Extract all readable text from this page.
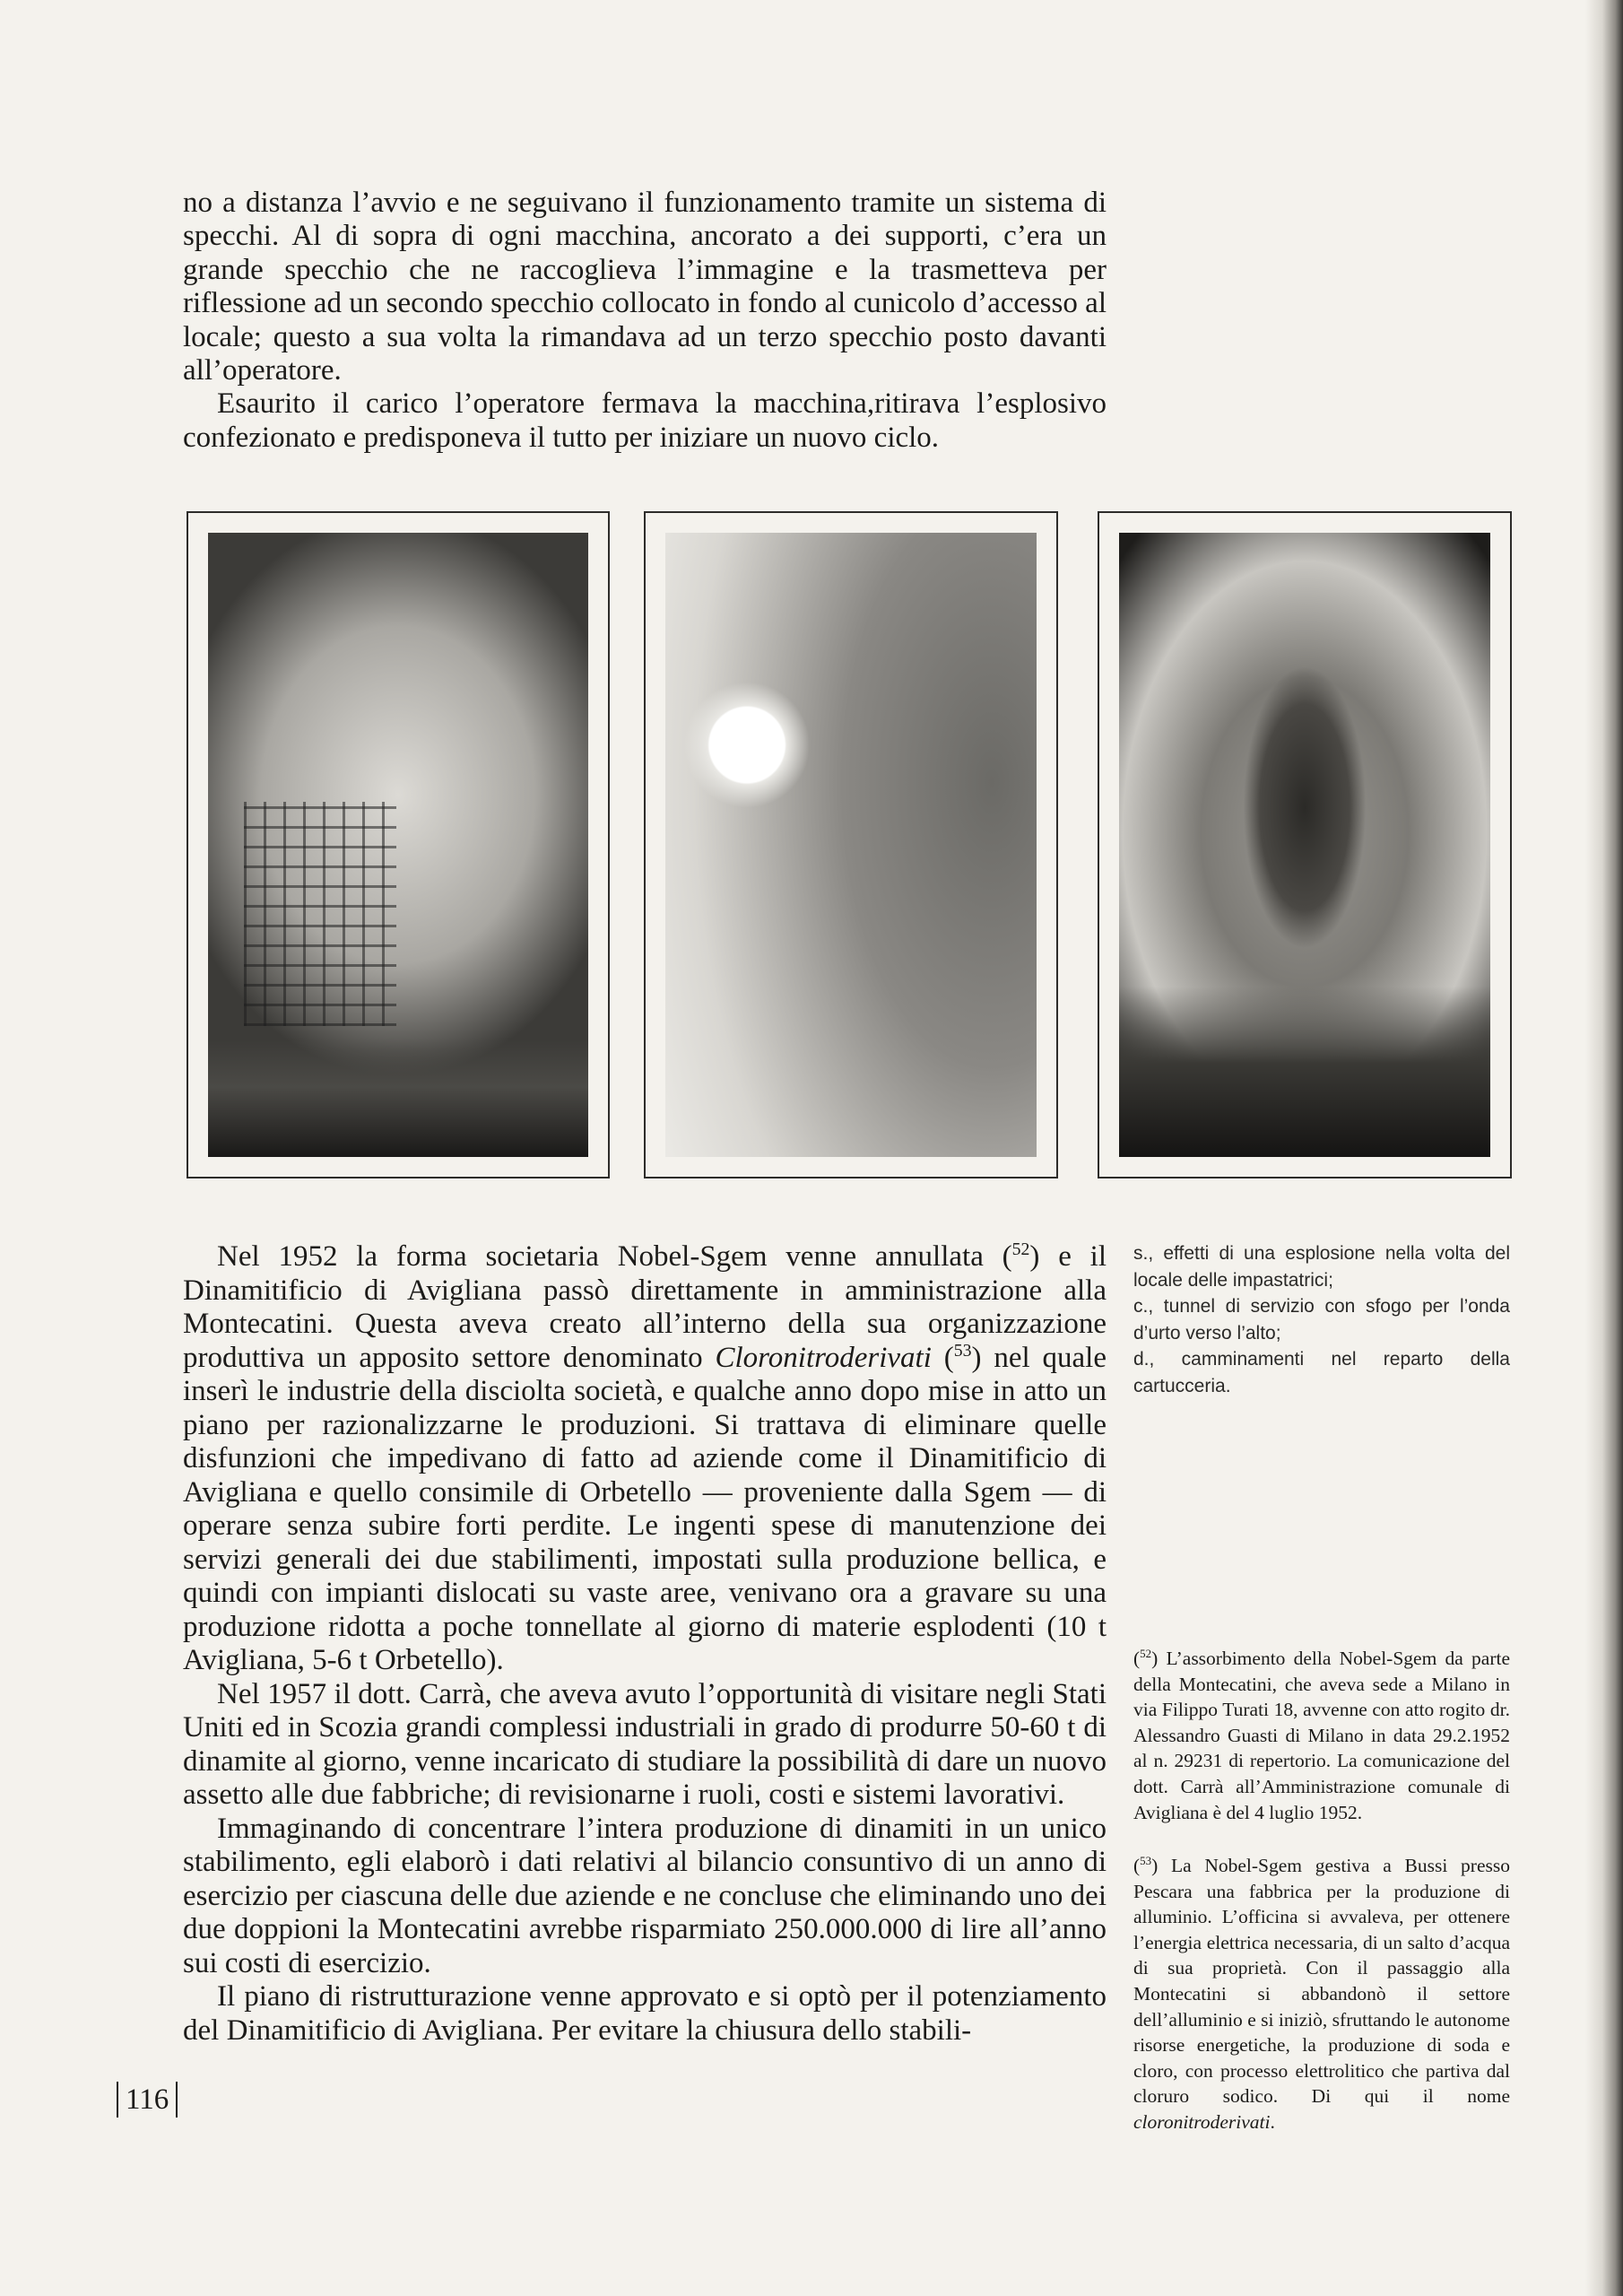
no a distanza l’avvio e ne seguivano il funzionamento tramite un sistema di specchi. Al di sopra di ogni macchina, ancorato a dei supporti, c’era un grande specchio che ne raccoglieva l’immagine e la trasmetteva per riflessione ad un secondo specchio collocato in fondo al cunicolo d’accesso al locale; questo a sua volta la rimandava ad un terzo specchio posto davanti all’operatore.

Esaurito il carico l’operatore fermava la macchina,ritirava l’esplosivo confezionato e predisponeva il tutto per iniziare un nuovo ciclo.

Nel 1952 la forma societaria Nobel-Sgem venne annullata ($^{52}$) e il Dinamitificio di Avigliana passò direttamente in amministrazione alla Montecatini. Questa aveva creato all’interno della sua organizzazione produttiva un apposito settore denominato Cloronitroderivati ($^{53}$) nel quale inserì le industrie della disciolta società, e qualche anno dopo mise in atto un piano per razionalizzarne le produzioni. Si trattava di eliminare quelle disfunzioni che impedivano di fatto ad aziende come il Dinamitificio di Avigliana e quello consimile di Orbetello — proveniente dalla Sgem — di operare senza subire forti perdite. Le ingenti spese di manutenzione dei servizi generali dei due stabilimenti, impostati sulla produzione bellica, e quindi con impianti dislocati su vaste aree, venivano ora a gravare su una produzione ridotta a poche tonnellate al giorno di materie esplodenti (10 t Avigliana, 5-6 t Orbetello).

Nel 1957 il dott. Carrà, che aveva avuto l’opportunità di visitare negli Stati Uniti ed in Scozia grandi complessi industriali in grado di produrre 50-60 t di dinamite al giorno, venne incaricato di studiare la possibilità di dare un nuovo assetto alle due fabbriche; di revisionarne i ruoli, costi e sistemi lavorativi.

Immaginando di concentrare l’intera produzione di dinamiti in un unico stabilimento, egli elaborò i dati relativi al bilancio consuntivo di un anno di esercizio per ciascuna delle due aziende e ne concluse che eliminando uno dei due doppioni la Montecatini avrebbe risparmiato 250.000.000 di lire all’anno sui costi di esercizio.

Il piano di ristrutturazione venne approvato e si optò per il potenziamento del Dinamitificio di Avigliana. Per evitare la chiusura dello stabili-

116

s., effetti di una esplosione nella volta del locale delle impastatrici;

c., tunnel di servizio con sfogo per l’onda d’urto verso l’alto;

d., camminamenti nel reparto della cartucceria.

($^{52}$) L’assorbimento della Nobel-Sgem da parte della Montecatini, che aveva sede a Milano in via Filippo Turati 18, avvenne con atto rogito dr. Alessandro Guasti di Milano in data 29.2.1952 al n. 29231 di repertorio. La comunicazione del dott. Carrà all’Amministrazione comunale di Avigliana è del 4 luglio 1952.

($^{53}$) La Nobel-Sgem gestiva a Bussi presso Pescara una fabbrica per la produzione di alluminio. L’officina si avvaleva, per ottenere l’energia elettrica necessaria, di un salto d’acqua di sua proprietà. Con il passaggio alla Montecatini si abbandonò il settore dell’alluminio e si iniziò, sfruttando le autonome risorse energetiche, la produzione di soda e cloro, con processo elettrolitico che partiva dal cloruro sodico. Di qui il nome cloronitroderivati.
